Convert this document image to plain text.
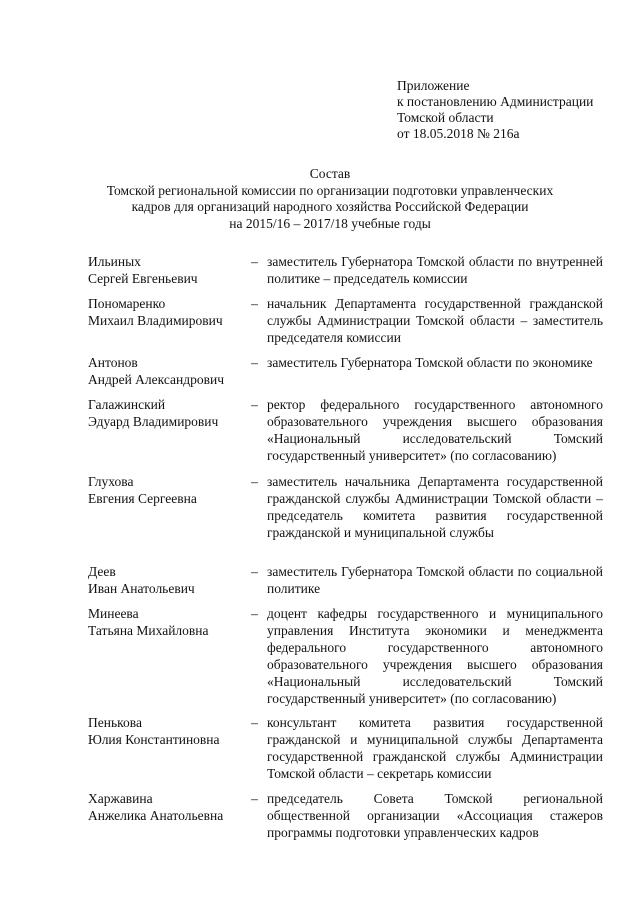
Приложение
к постановлению Администрации
Томской области
от 18.05.2018 № 216а
Состав
Томской региональной комиссии по организации подготовки управленческих
кадров для организаций народного хозяйства Российской Федерации
на 2015/16 – 2017/18 учебные годы
Ильиных
Сергей Евгеньевич
– заместитель Губернатора Томской области по внутренней политике – председатель комиссии
Пономаренко
Михаил Владимирович
– начальник Департамента государственной гражданской службы Администрации Томской области – заместитель председателя комиссии
Антонов
Андрей Александрович
– заместитель Губернатора Томской области по экономике
Галажинский
Эдуард Владимирович
– ректор федерального государственного автономного образовательного учреждения высшего образования «Национальный исследовательский Томский государственный университет» (по согласованию)
Глухова
Евгения Сергеевна
– заместитель начальника Департамента государственной гражданской службы Администрации Томской области – председатель комитета развития государственной гражданской и муниципальной службы
Деев
Иван Анатольевич
– заместитель Губернатора Томской области по социальной политике
Минеева
Татьяна Михайловна
– доцент кафедры государственного и муниципального управления Института экономики и менеджмента федерального государственного автономного образовательного учреждения высшего образования «Национальный исследовательский Томский государственный университет» (по согласованию)
Пенькова
Юлия Константиновна
– консультант комитета развития государственной гражданской и муниципальной службы Департамента государственной гражданской службы Администрации Томской области – секретарь комиссии
Харжавина
Анжелика Анатольевна
– председатель Совета Томской региональной общественной организации «Ассоциация стажеров программы подготовки управленческих кадров
